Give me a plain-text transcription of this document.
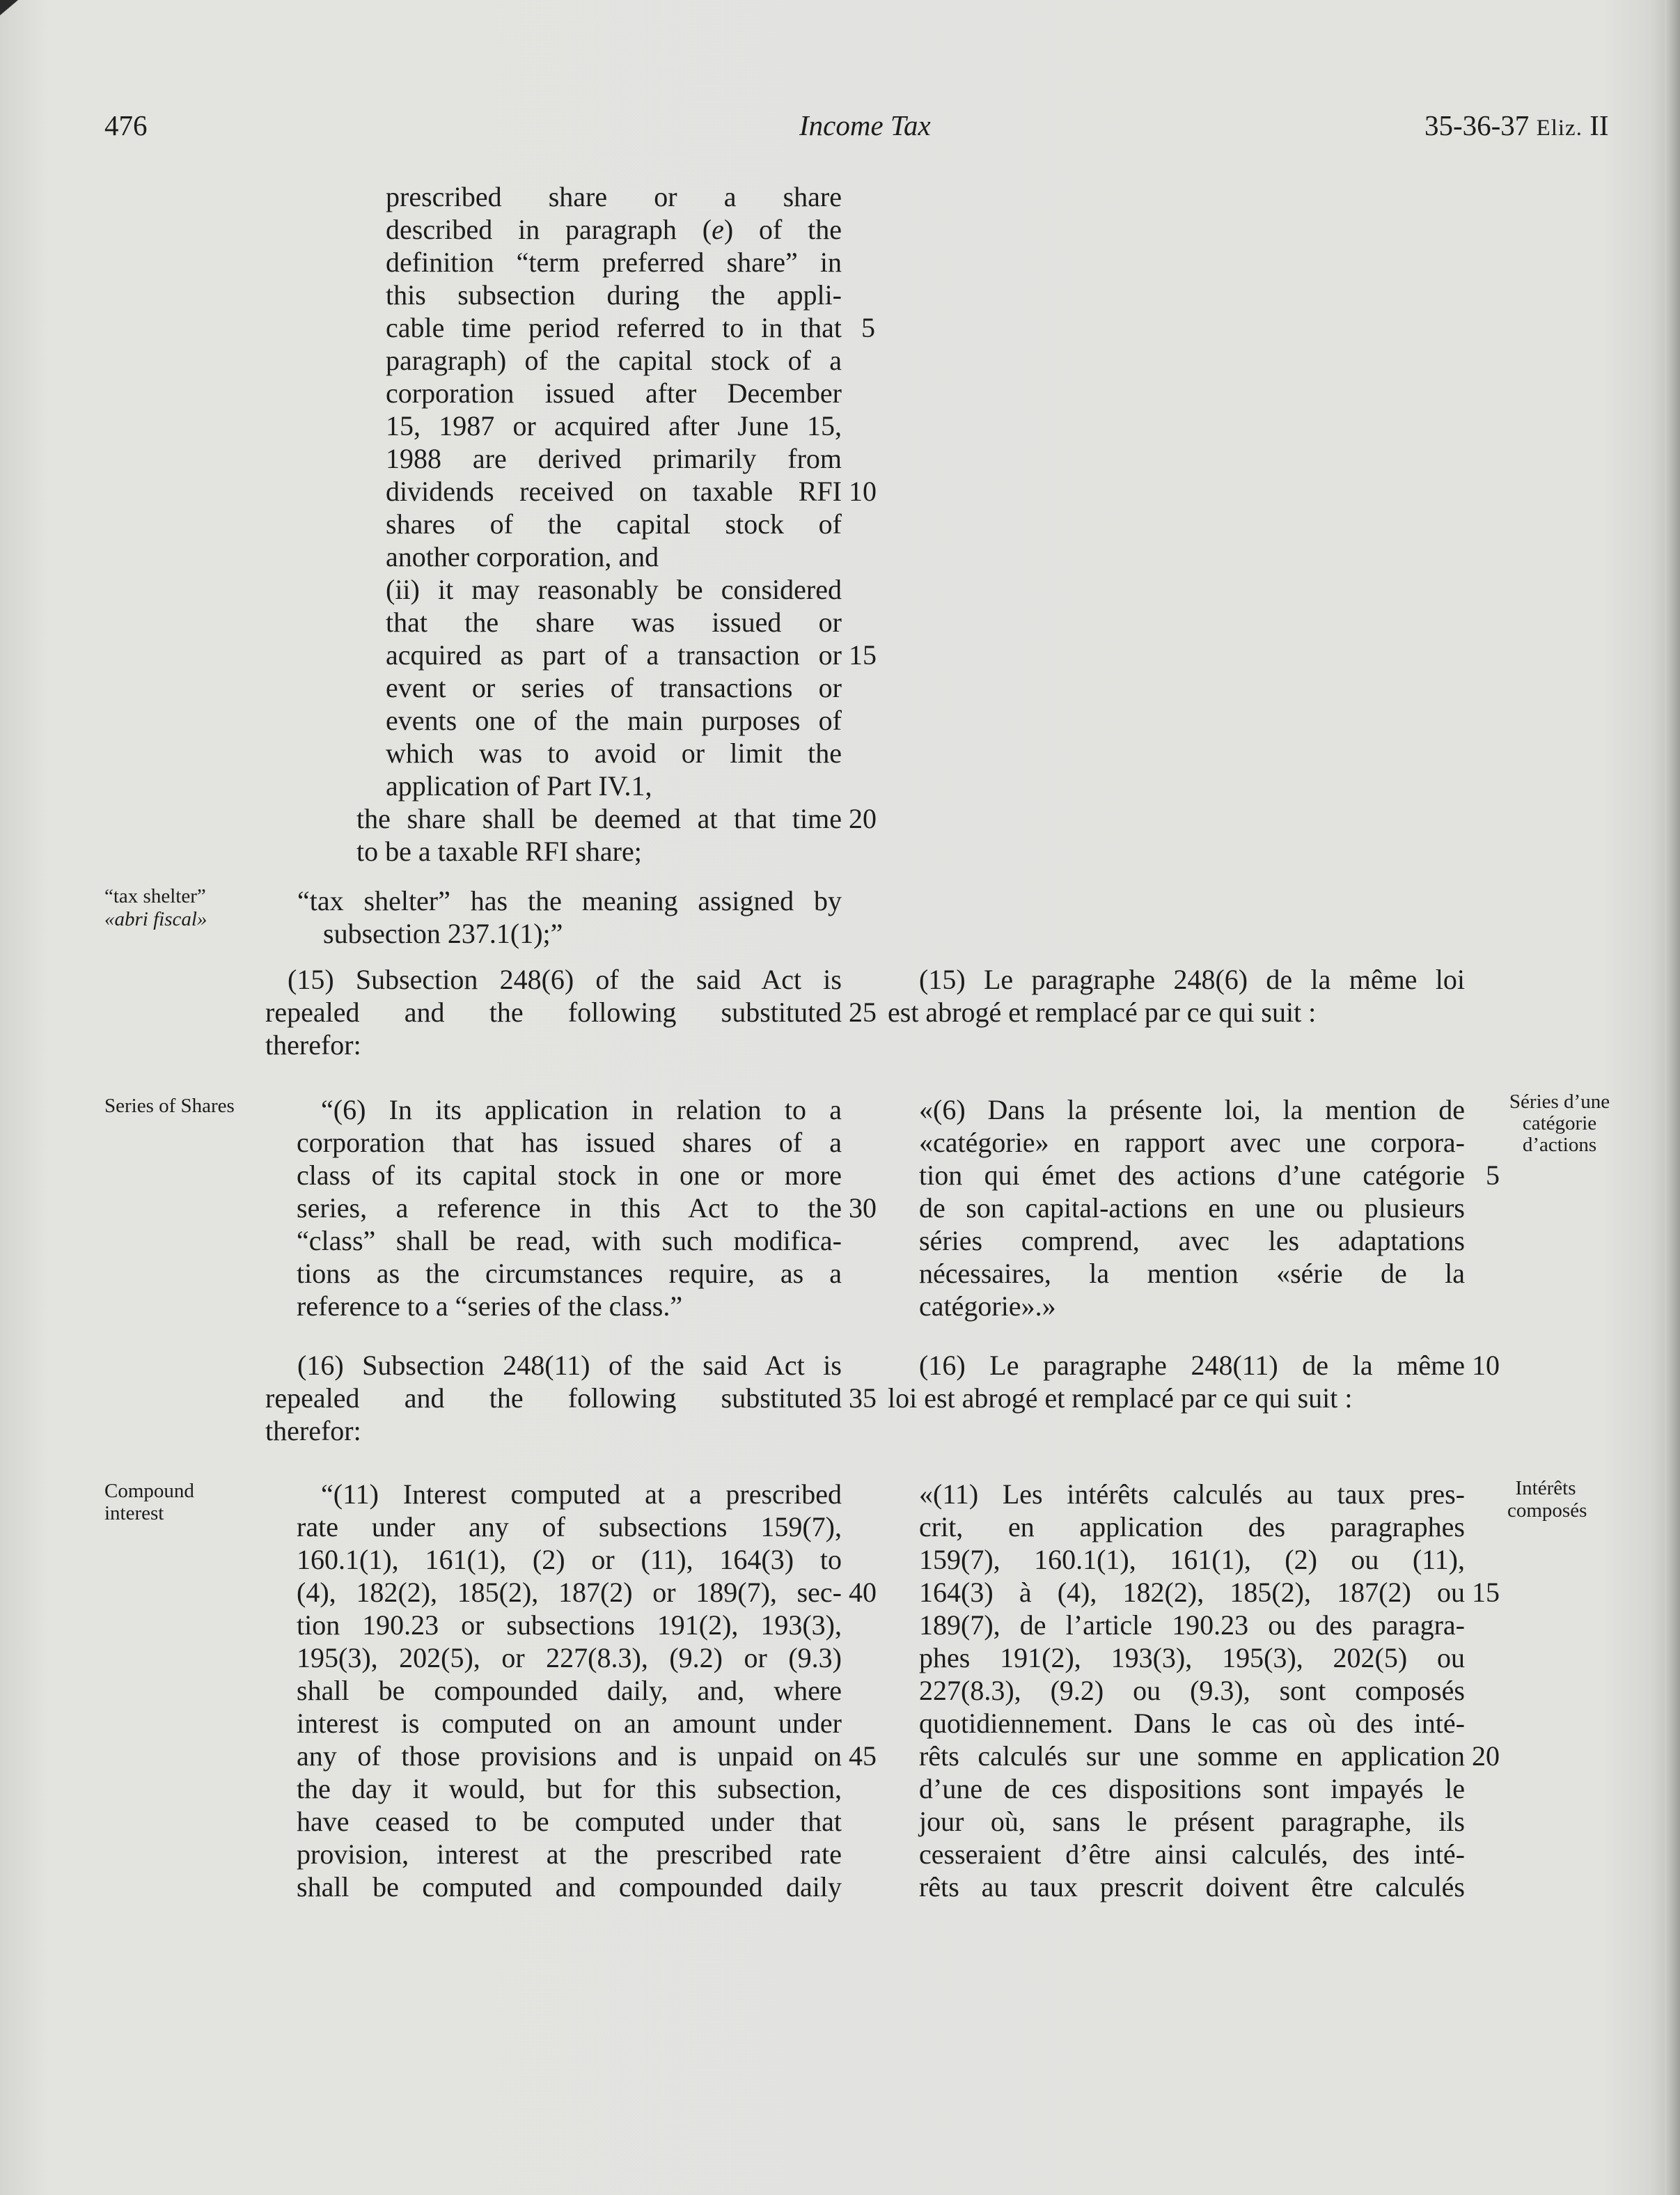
476	Income Tax	35-36-37 Eliz. II
“tax shelter”
«abri fiscal»
Series of Shares	Séries d’une
catégorie
d’actions
Compound
interest
Intérêts
composés
prescribed share or a share
described in paragraph (e) of the
definition “term preferred share” in
this subsection during the appli-
cable time period referred to in that
paragraph) of the capital stock of a
corporation issued after December
15, 1987 or acquired after June 15,
1988 are derived primarily from
dividends received on taxable RFI
shares of the capital stock of
another corporation, and
(ii) it may reasonably be considered
that the share was issued or
acquired as part of a transaction or
event or series of transactions or
events one of the main purposes of
which was to avoid or limit the
application of Part IV.1,
the share shall be deemed at that time
to be a taxable RFI share;
“tax shelter” has the meaning assigned by
subsection 237.1(1);”
(15) Subsection 248(6) of the said Act is
repealed and the following substituted
therefor:
“(6) In its application in relation to a
corporation that has issued shares of a
class of its capital stock in one or more
series, a reference in this Act to the
“class” shall be read, with such modifica-
tions as the circumstances require, as a
reference to a “series of the class.”
(16) Subsection 248(11) of the said Act is
repealed and the following substituted
therefor:
“(11) Interest computed at a prescribed
rate under any of subsections 159(7),
160.1(1), 161(1), (2) or (11), 164(3) to
(4), 182(2), 185(2), 187(2) or 189(7), sec-
tion 190.23 or subsections 191(2), 193(3),
195(3), 202(5), or 227(8.3), (9.2) or (9.3)
shall be compounded daily, and, where
interest is computed on an amount under
any of those provisions and is unpaid on
the day it would, but for this subsection,
have ceased to be computed under that
provision, interest at the prescribed rate
shall be computed and compounded daily
5
10
15
20
25
30
35
40
45
(15) Le paragraphe 248(6) de la même loi
est abrogé et remplacé par ce qui suit :
«(6) Dans la présente loi, la mention de
«catégorie» en rapport avec une corpora-
tion qui émet des actions d’une catégorie
de son capital-actions en une ou plusieurs
séries comprend, avec les adaptations
nécessaires, la mention «série de la
catégorie».»
(16) Le paragraphe 248(11) de la même
loi est abrogé et remplacé par ce qui suit :
«(11) Les intérêts calculés au taux pres-
crit, en application des paragraphes
159(7), 160.1(1), 161(1), (2) ou (11),
164(3) à (4), 182(2), 185(2), 187(2) ou
189(7), de l’article 190.23 ou des paragra-
phes 191(2), 193(3), 195(3), 202(5) ou
227(8.3), (9.2) ou (9.3), sont composés
quotidiennement. Dans le cas où des inté-
rêts calculés sur une somme en application
d’une de ces dispositions sont impayés le
jour où, sans le présent paragraphe, ils
cesseraient d’être ainsi calculés, des inté-
rêts au taux prescrit doivent être calculés
5
10
15
20
